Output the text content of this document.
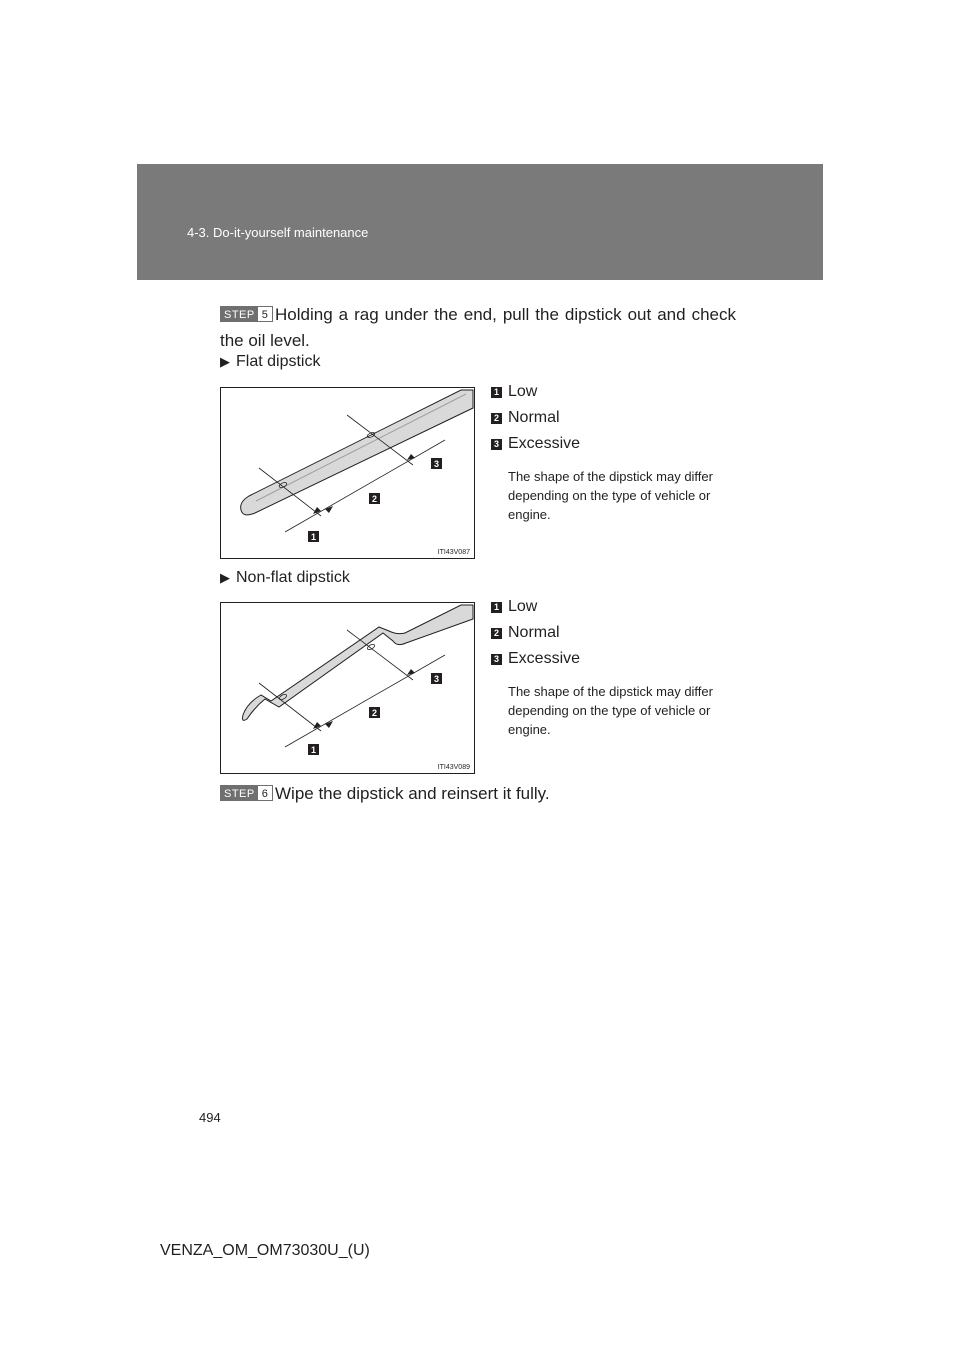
4-3. Do-it-yourself maintenance
STEP 5 Holding a rag under the end, pull the dipstick out and check the oil level.
▶ Flat dipstick
1
2
3
ITI43V087
1 Low
2 Normal
3 Excessive
The shape of the dipstick may differ depending on the type of vehicle or engine.
▶ Non-flat dipstick
1
2
3
ITI43V089
1 Low
2 Normal
3 Excessive
The shape of the dipstick may differ depending on the type of vehicle or engine.
STEP 6 Wipe the dipstick and reinsert it fully.
494
VENZA_OM_OM73030U_(U)
